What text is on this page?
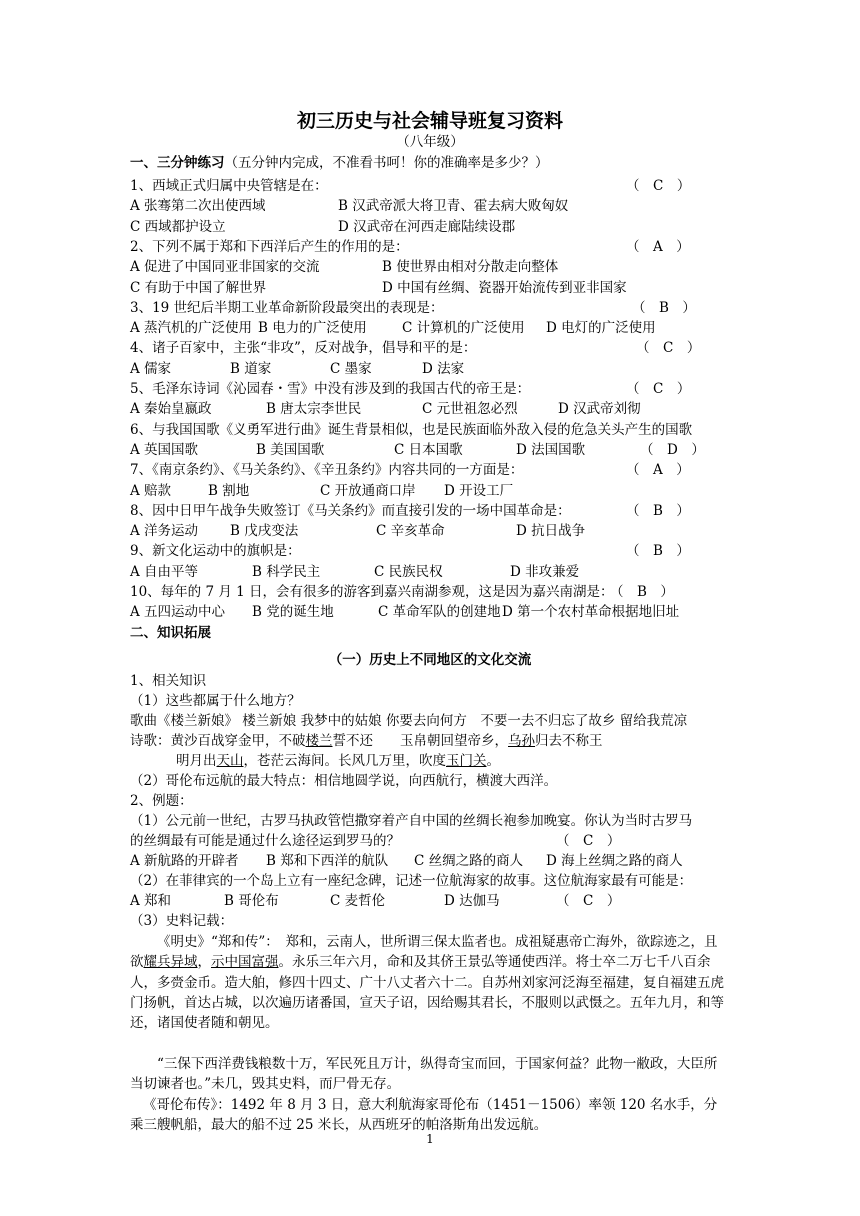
初三历史与社会辅导班复习资料
（八年级）
一、三分钟练习（五分钟内完成，不准看书呵！你的准确率是多少？）
1、西域正式归属中央管辖是在：	（　C　）
A 张骞第二次出使西域	B 汉武帝派大将卫青、霍去病大败匈奴
C 西域都护设立	D 汉武帝在河西走廊陆续设郡
2、下列不属于郑和下西洋后产生的作用的是：	（　A　）
A 促进了中国同亚非国家的交流	B 使世界由相对分散走向整体
C 有助于中国了解世界	D 中国有丝绸、瓷器开始流传到亚非国家
3、19 世纪后半期工业革命新阶段最突出的表现是：	（　B　）
A 蒸汽机的广泛使用 B 电力的广泛使用	C 计算机的广泛使用 D 电灯的广泛使用
4、诸子百家中，主张“非攻”，反对战争，倡导和平的是：	（　C　）
A 儒家	B 道家	C 墨家	D 法家
5、毛泽东诗词《沁园春・雪》中没有涉及到的我国古代的帝王是：	（　C　）
A 秦始皇嬴政	B 唐太宗李世民	C 元世祖忽必烈	D 汉武帝刘彻
6、与我国国歌《义勇军进行曲》诞生背景相似，也是民族面临外敌入侵的危急关头产生的国歌
（　D　）
A 英国国歌	B 美国国歌	C 日本国歌	D 法国国歌
7、《南京条约》、《马关条约》、《辛丑条约》内容共同的一方面是：	（　A　）
A 赔款	B 割地	C 开放通商口岸 D 开设工厂
8、因中日甲午战争失败签订《马关条约》而直接引发的一场中国革命是：	（　B　）
A 洋务运动 B 戊戌变法	C 辛亥革命	D 抗日战争
9、新文化运动中的旗帜是：	（　B　）
A 自由平等	B 科学民主	C 民族民权	D 非攻兼爱
10、每年的 7 月 1 日，会有很多的游客到嘉兴南湖参观，这是因为嘉兴南湖是：
（　B　）
A 五四运动中心 B 党的诞生地	C 革命军队的创建地 D 第一个农村革命根据地旧址
二、知识拓展
（一）历史上不同地区的文化交流
1、相关知识
（1）这些都属于什么地方？
歌曲《楼兰新娘》 楼兰新娘 我梦中的姑娘 你要去向何方　不要一去不归忘了故乡 留给我荒凉
诗歌：黄沙百战穿金甲，不破楼兰誓不还　　玉帛朝回望帝乡，乌孙归去不称王
明月出天山，苍茫云海间。长风几万里，吹度玉门关。
（2）哥伦布远航的最大特点：相信地圆学说，向西航行，横渡大西洋。
2、例题：
（1）公元前一世纪，古罗马执政管恺撒穿着产自中国的丝绸长袍参加晚宴。你认为当时古罗马
的丝绸最有可能是通过什么途径运到罗马的？	（　C　）
A 新航路的开辟者 B 郑和下西洋的航队 C 丝绸之路的商人 D 海上丝绸之路的商人
（2）在菲律宾的一个岛上立有一座纪念碑，记述一位航海家的故事。这位航海家最有可能是：
A 郑和	B 哥伦布	C 麦哲伦	D 达伽马	（　C　）
（3）史料记载：
《明史》“郑和传”：　郑和，云南人，世所谓三保太监者也。成祖疑惠帝亡海外，欲踪迹之，且欲耀兵异域，示中国富强。永乐三年六月，命和及其侪王景弘等通使西洋。将士卒二万七千八百余人，多赍金币。造大舶，修四十四丈、广十八丈者六十二。自苏州刘家河泛海至福建，复自福建五虎门扬帆，首达占城，以次遍历诸番国，宣天子诏，因给赐其君长，不服则以武慑之。五年九月，和等还，诸国使者随和朝见。
“三保下西洋费钱粮数十万，军民死且万计，纵得奇宝而回，于国家何益？此物一敝政，大臣所当切谏者也。”未几，毁其史料，而尸骨无存。
《哥伦布传》：1492 年 8 月 3 日，意大利航海家哥伦布（1451－1506）率领 120 名水手，分乘三艘帆船，最大的船不过 25 米长，从西班牙的帕洛斯角出发远航。
1
